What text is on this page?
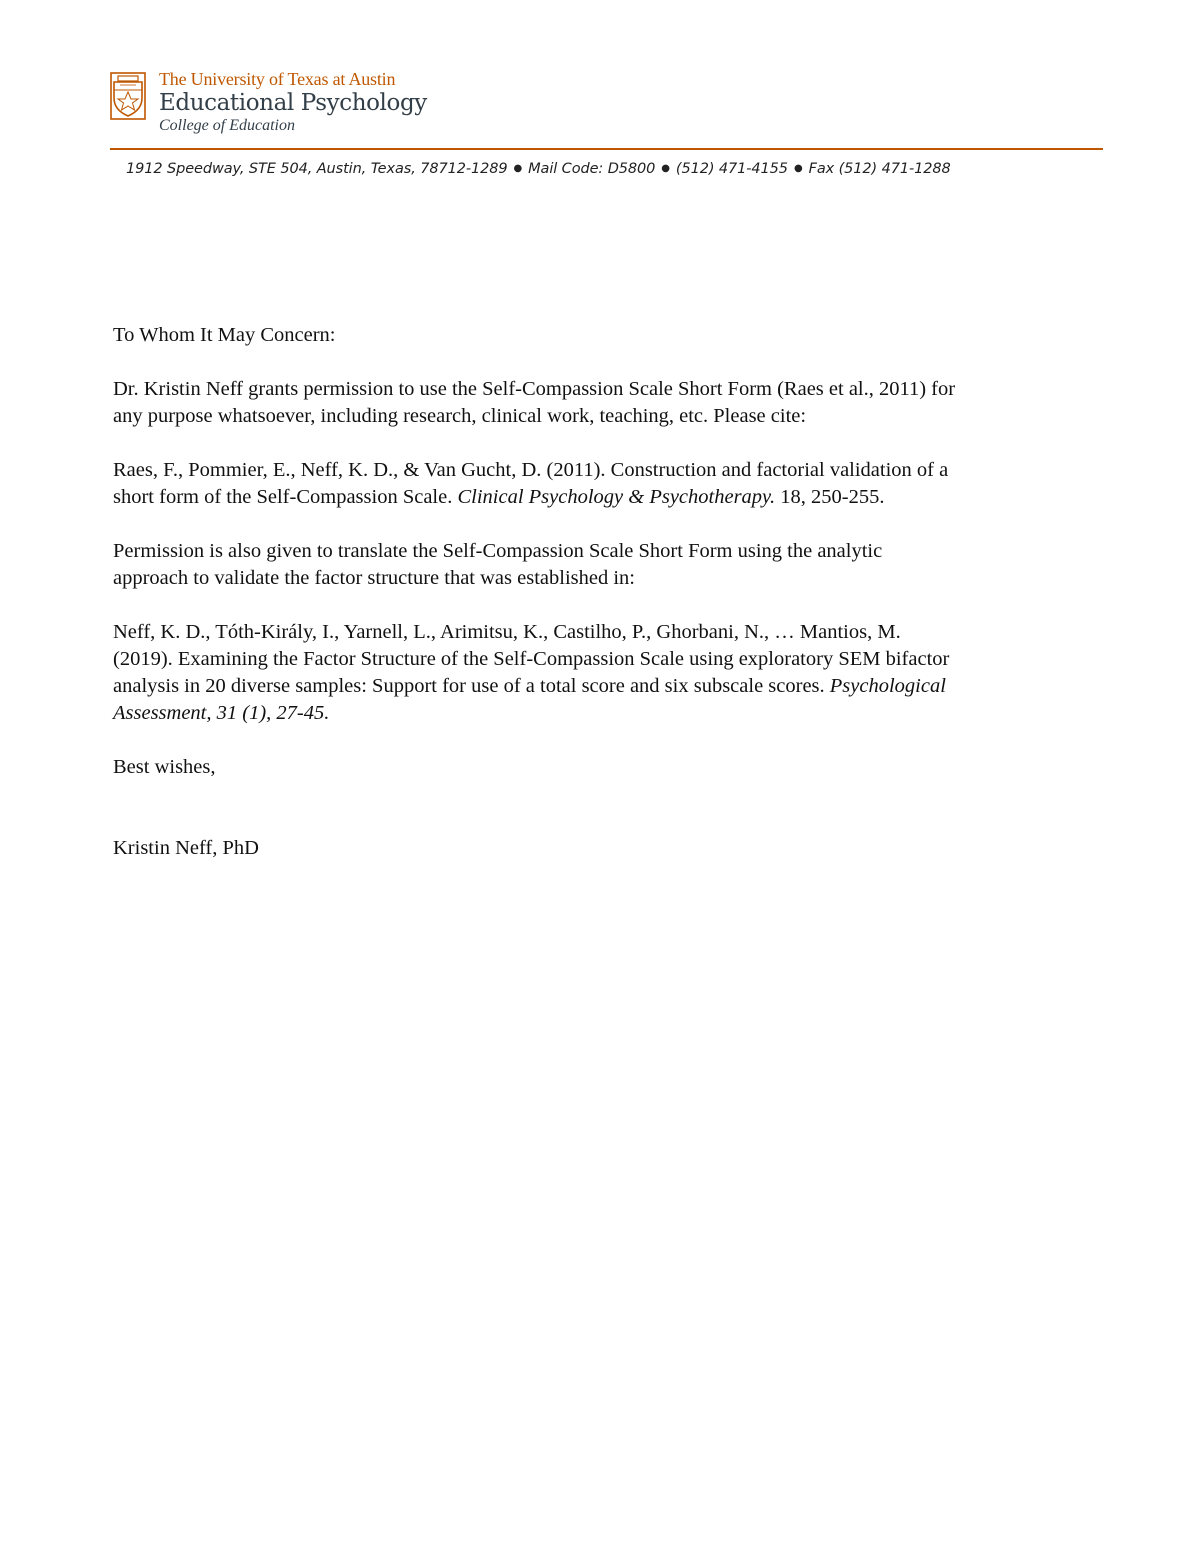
The University of Texas at Austin
Educational Psychology
College of Education
1912 Speedway, STE 504, Austin, Texas, 78712-1289 ● Mail Code: D5800 ● (512) 471-4155 ● Fax (512) 471-1288

To Whom It May Concern:

Dr. Kristin Neff grants permission to use the Self-Compassion Scale Short Form (Raes et al., 2011) for
any purpose whatsoever, including research, clinical work, teaching, etc. Please cite:

Raes, F., Pommier, E., Neff, K. D., & Van Gucht, D. (2011). Construction and factorial validation of a
short form of the Self-Compassion Scale. Clinical Psychology & Psychotherapy. 18, 250-255.

Permission is also given to translate the Self-Compassion Scale Short Form using the analytic
approach to validate the factor structure that was established in:

Neff, K. D., Tóth-Király, I., Yarnell, L., Arimitsu, K., Castilho, P., Ghorbani, N., … Mantios, M.
(2019). Examining the Factor Structure of the Self-Compassion Scale using exploratory SEM bifactor
analysis in 20 diverse samples: Support for use of a total score and six subscale scores. Psychological
Assessment, 31 (1), 27-45.

Best wishes,

Kristin Neff, PhD
